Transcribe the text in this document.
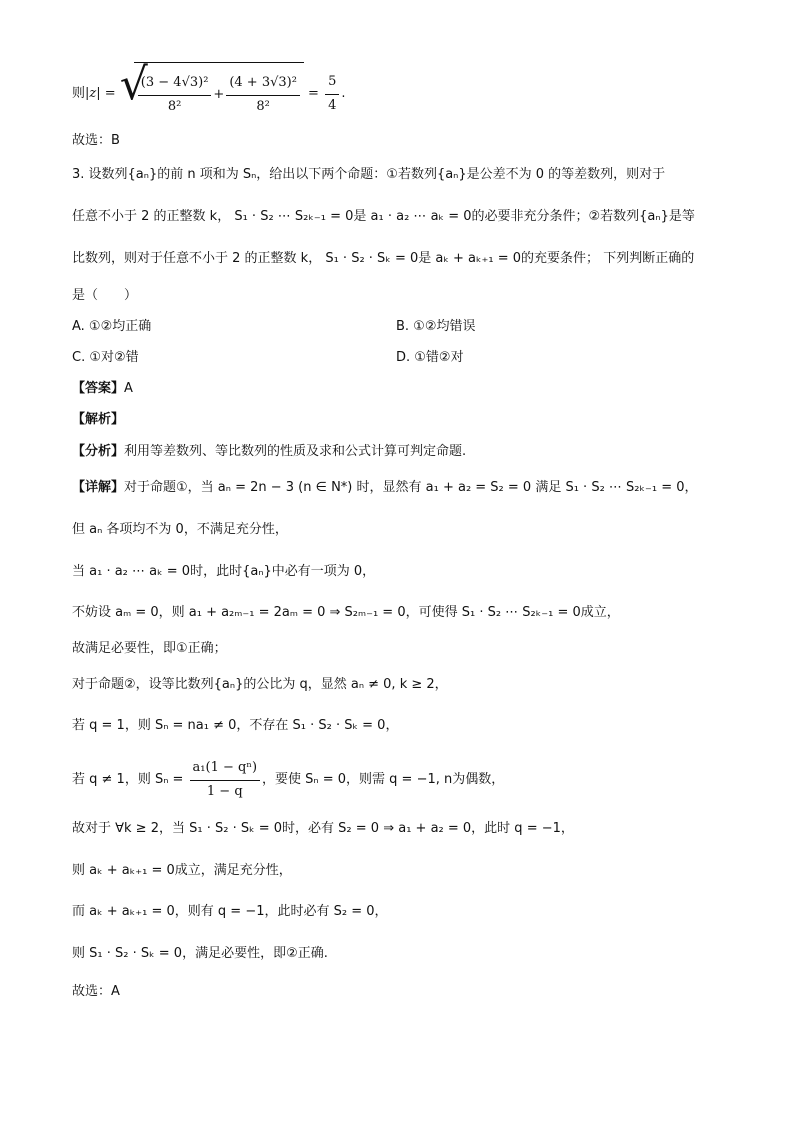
则|z| = √
$\frac{\text{(3 − 4√3)²}}{\text{8²}} + \frac{\text{(4 + 3√3)²}}{\text{8²}} = \frac{5}{4}$ .
故选：B
3. 设数列{aₙ}的前 n 项和为 Sₙ，给出以下两个命题：①若数列{aₙ}是公差不为 0 的等差数列，则对于
任意不小于 2 的正整数 k， S₁ · S₂ ⋯ S₂ₖ₋₁ = 0是 a₁ · a₂ ⋯ aₖ = 0的必要非充分条件；②若数列{aₙ}是等
比数列，则对于任意不小于 2 的正整数 k， S₁ · S₂ · Sₖ = 0是 aₖ + aₖ₊₁ = 0的充要条件； 下列判断正确的
是（　　）
A. ①②均正确	B. ①②均错误
C. ①对②错	D. ①错②对
【答案】A
【解析】
【分析】利用等差数列、等比数列的性质及求和公式计算可判定命题.
【详解】对于命题①，当 aₙ = 2n − 3 (n ∈ N*) 时，显然有 a₁ + a₂ = S₂ = 0 满足 S₁ · S₂ ⋯ S₂ₖ₋₁ = 0，
但 aₙ 各项均不为 0，不满足充分性，
当 a₁ · a₂ ⋯ aₖ = 0时，此时{aₙ}中必有一项为 0，
不妨设 aₘ = 0，则 a₁ + a₂ₘ₋₁ = 2aₘ = 0 ⇒ S₂ₘ₋₁ = 0，可使得 S₁ · S₂ ⋯ S₂ₖ₋₁ = 0成立，
故满足必要性，即①正确；
对于命题②，设等比数列{aₙ}的公比为 q，显然 aₙ ≠ 0, k ≥ 2，
若 q = 1，则 Sₙ = na₁ ≠ 0，不存在 S₁ · S₂ · Sₖ = 0，
若 q ≠ 1，则 $S_n = \frac{\text{a₁(1 − qⁿ)}}{1 - q}$ ，要使 Sₙ = 0，则需 q = −1, n为偶数，
故对于 ∀k ≥ 2，当 S₁ · S₂ · Sₖ = 0时，必有 S₂ = 0 ⇒ a₁ + a₂ = 0，此时 q = −1，
则 aₖ + aₖ₊₁ = 0成立，满足充分性，
而 aₖ + aₖ₊₁ = 0，则有 q = −1，此时必有 S₂ = 0，
则 S₁ · S₂ · Sₖ = 0，满足必要性，即②正确.
故选：A
